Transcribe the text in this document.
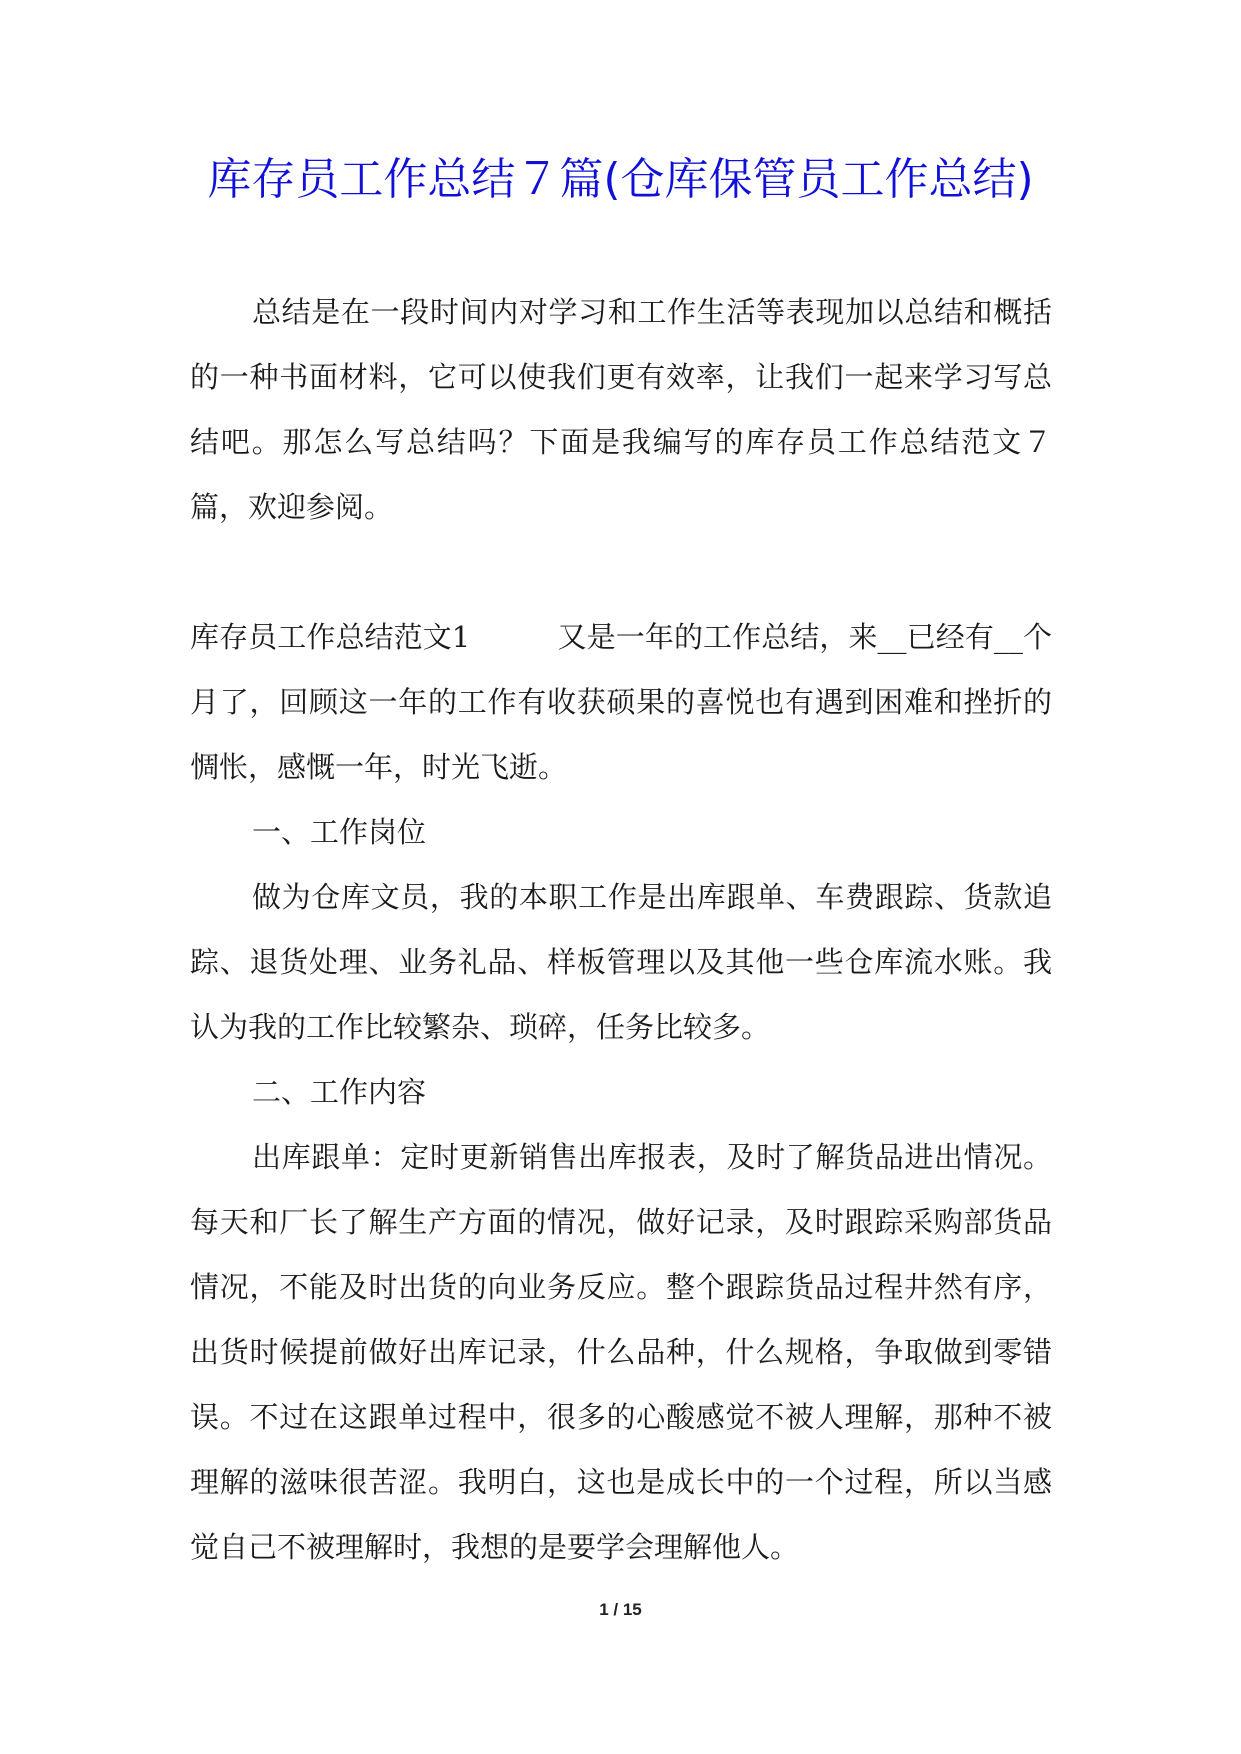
库存员工作总结７篇(仓库保管员工作总结)

总结是在一段时间内对学习和工作生活等表现加以总结和概括的一种书面材料，它可以使我们更有效率，让我们一起来学习写总结吧。那怎么写总结吗？下面是我编写的库存员工作总结范文７篇，欢迎参阅。

库存员工作总结范文1　　　又是一年的工作总结，来__已经有__个月了，回顾这一年的工作有收获硕果的喜悦也有遇到困难和挫折的惆怅，感慨一年，时光飞逝。

一、工作岗位

做为仓库文员，我的本职工作是出库跟单、车费跟踪、货款追踪、退货处理、业务礼品、样板管理以及其他一些仓库流水账。我认为我的工作比较繁杂、琐碎，任务比较多。

二、工作内容

出库跟单：定时更新销售出库报表，及时了解货品进出情况。每天和厂长了解生产方面的情况，做好记录，及时跟踪采购部货品情况，不能及时出货的向业务反应。整个跟踪货品过程井然有序，出货时候提前做好出库记录，什么品种，什么规格，争取做到零错误。不过在这跟单过程中，很多的心酸感觉不被人理解，那种不被理解的滋味很苦涩。我明白，这也是成长中的一个过程，所以当感觉自己不被理解时，我想的是要学会理解他人。

1 / 15
